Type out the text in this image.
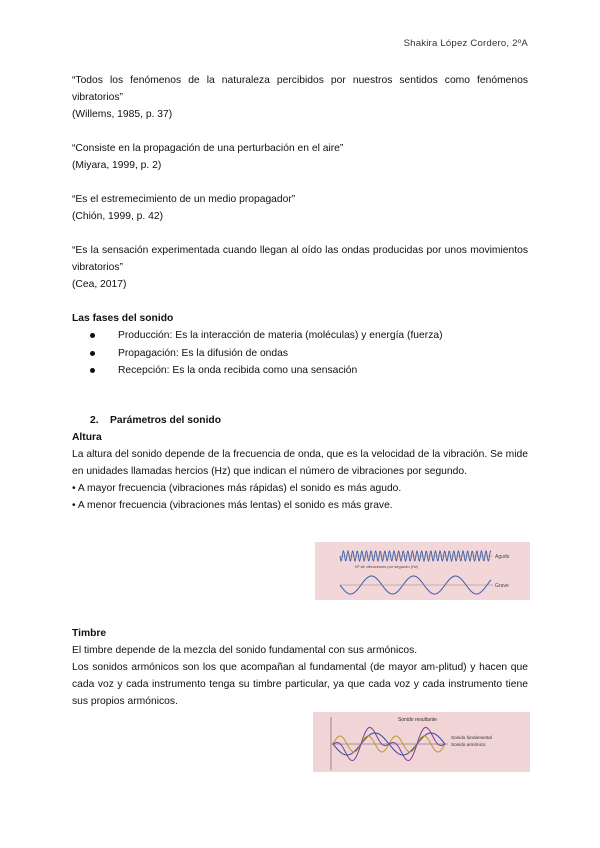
Shakira López Cordero, 2ºA
“Todos los fenómenos de la naturaleza percibidos por nuestros sentidos como fenómenos vibratorios”
(Willems, 1985, p. 37)
“Consiste en la propagación de una perturbación en el aire”
(Miyara, 1999, p. 2)
“Es el estremecimiento de un medio propagador”
(Chión, 1999, p. 42)
“Es la sensación experimentada cuando llegan al oído las ondas producidas por unos movimientos vibratorios”
(Cea, 2017)
Las fases del sonido
Producción: Es la interacción de materia (moléculas) y energía (fuerza)
Propagación: Es la difusión de ondas
Recepción: Es la onda recibida como una sensación
2. Parámetros del sonido
Altura
La altura del sonido depende de la frecuencia de onda, que es la velocidad de la vibración. Se mide en unidades llamadas hercios (Hz) que indican el número de vibraciones por segundo.
• A mayor frecuencia (vibraciones más rápidas) el sonido es más agudo.
• A menor frecuencia (vibraciones más lentas) el sonido es más grave.
Agudo
Nº de vibraciones por segundo (Hz)
Grave
Timbre
El timbre depende de la mezcla del sonido fundamental con sus armónicos.
Los sonidos armónicos son los que acompañan al fundamental (de mayor am-plitud) y hacen que cada voz y cada instrumento tenga su timbre particular, ya que cada voz y cada instrumento tiene sus propios armónicos.
Sonido resultante
Sonido fundamental
Sonido armónico
